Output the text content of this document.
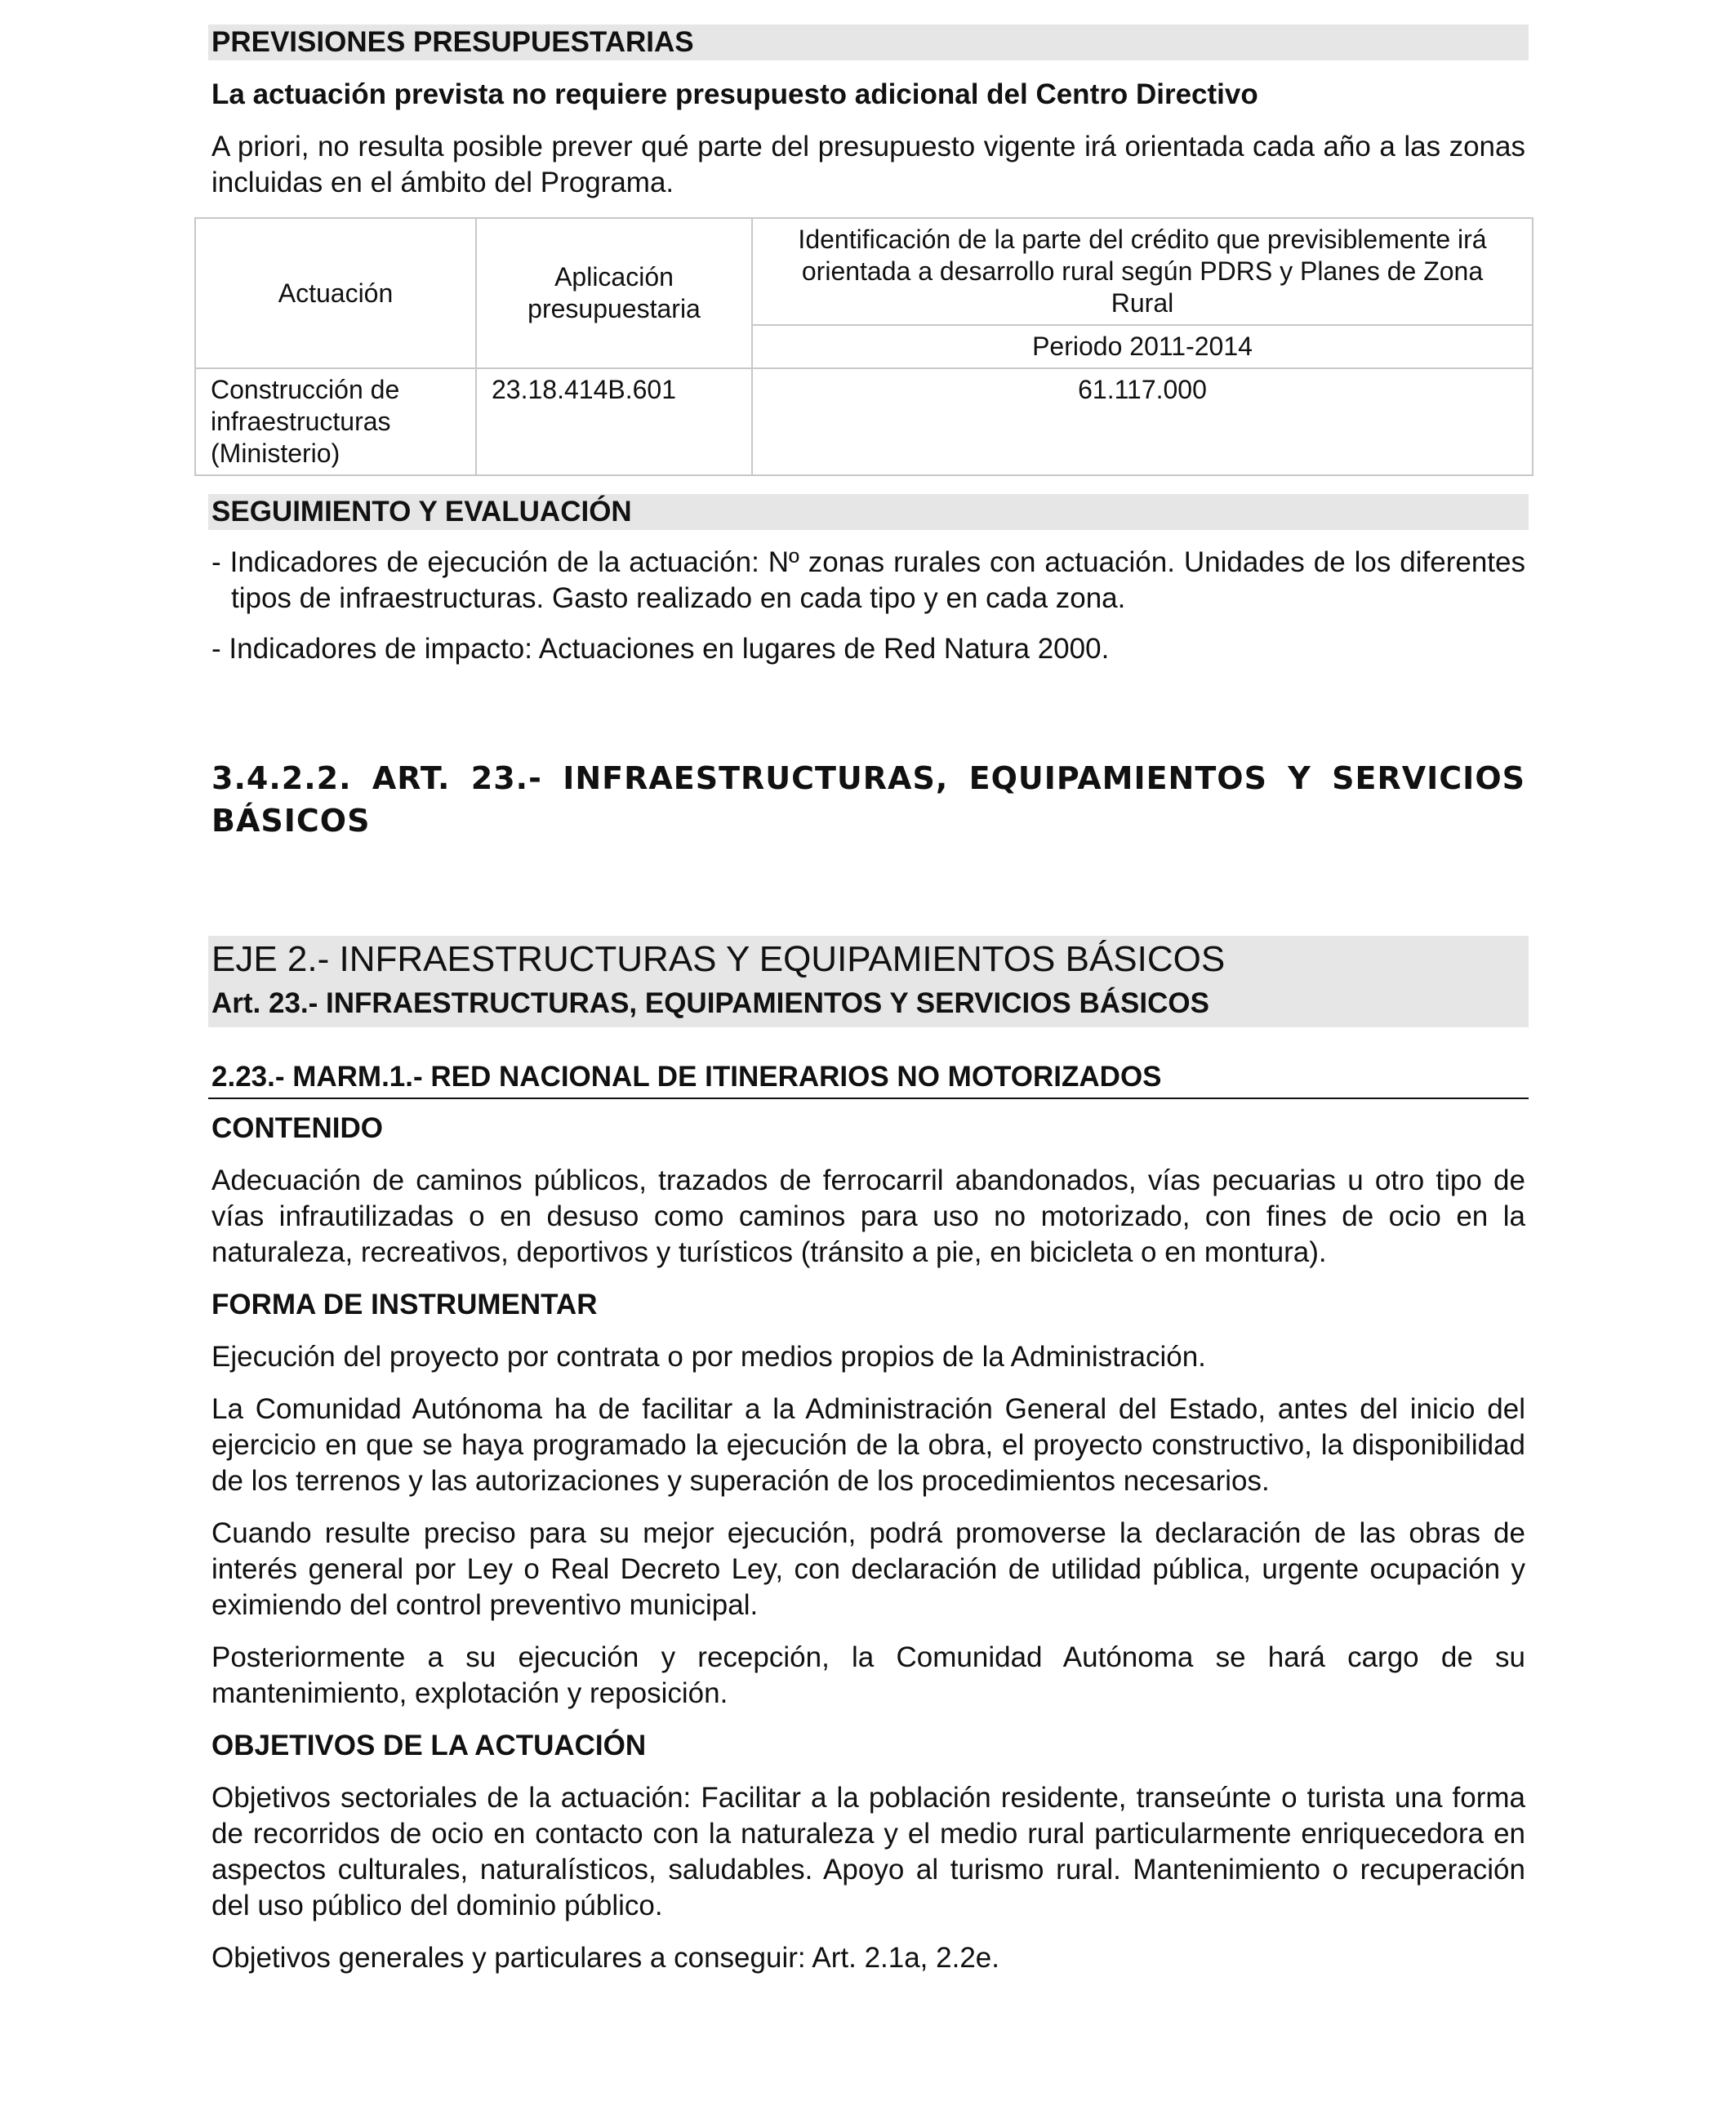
PREVISIONES PRESUPUESTARIAS
La actuación prevista no requiere presupuesto adicional del Centro Directivo

A priori, no resulta posible prever qué parte del presupuesto vigente irá orientada cada año a las zonas incluidas en el ámbito del Programa.

Actuación	Aplicación presupuestaria	Identificación de la parte del crédito que previsiblemente irá orientada a desarrollo rural según PDRS y Planes de Zona Rural
		Periodo 2011-2014
Construcción de infraestructuras (Ministerio)	23.18.414B.601	61.117.000
SEGUIMIENTO Y EVALUACIÓN

- Indicadores de ejecución de la actuación: Nº zonas rurales con actuación. Unidades de los diferentes tipos de infraestructuras. Gasto realizado en cada tipo y en cada zona.

- Indicadores de impacto: Actuaciones en lugares de Red Natura 2000.

3.4.2.2. ART. 23.- INFRAESTRUCTURAS, EQUIPAMIENTOS Y SERVICIOS BÁSICOS
EJE 2.- INFRAESTRUCTURAS Y EQUIPAMIENTOS BÁSICOS
Art. 23.- INFRAESTRUCTURAS, EQUIPAMIENTOS Y SERVICIOS BÁSICOS
2.23.- MARM.1.- RED NACIONAL DE ITINERARIOS NO MOTORIZADOS
CONTENIDO

Adecuación de caminos públicos, trazados de ferrocarril abandonados, vías pecuarias u otro tipo de vías infrautilizadas o en desuso como caminos para uso no motorizado, con fines de ocio en la naturaleza, recreativos, deportivos y turísticos (tránsito a pie, en bicicleta o en montura).

FORMA DE INSTRUMENTAR

Ejecución del proyecto por contrata o por medios propios de la Administración.

La Comunidad Autónoma ha de facilitar a la Administración General del Estado, antes del inicio del ejercicio en que se haya programado la ejecución de la obra, el proyecto constructivo, la disponibilidad de los terrenos y las autorizaciones y superación de los procedimientos necesarios.

Cuando resulte preciso para su mejor ejecución, podrá promoverse la declaración de las obras de interés general por Ley o Real Decreto Ley, con declaración de utilidad pública, urgente ocupación y eximiendo del control preventivo municipal.

Posteriormente a su ejecución y recepción, la Comunidad Autónoma se hará cargo de su mantenimiento, explotación y reposición.

OBJETIVOS DE LA ACTUACIÓN

Objetivos sectoriales de la actuación: Facilitar a la población residente, transeúnte o turista una forma de recorridos de ocio en contacto con la naturaleza y el medio rural particularmente enriquecedora en aspectos culturales, naturalísticos, saludables. Apoyo al turismo rural. Mantenimiento o recuperación del uso público del dominio público.

Objetivos generales y particulares a conseguir: Art. 2.1a, 2.2e.
